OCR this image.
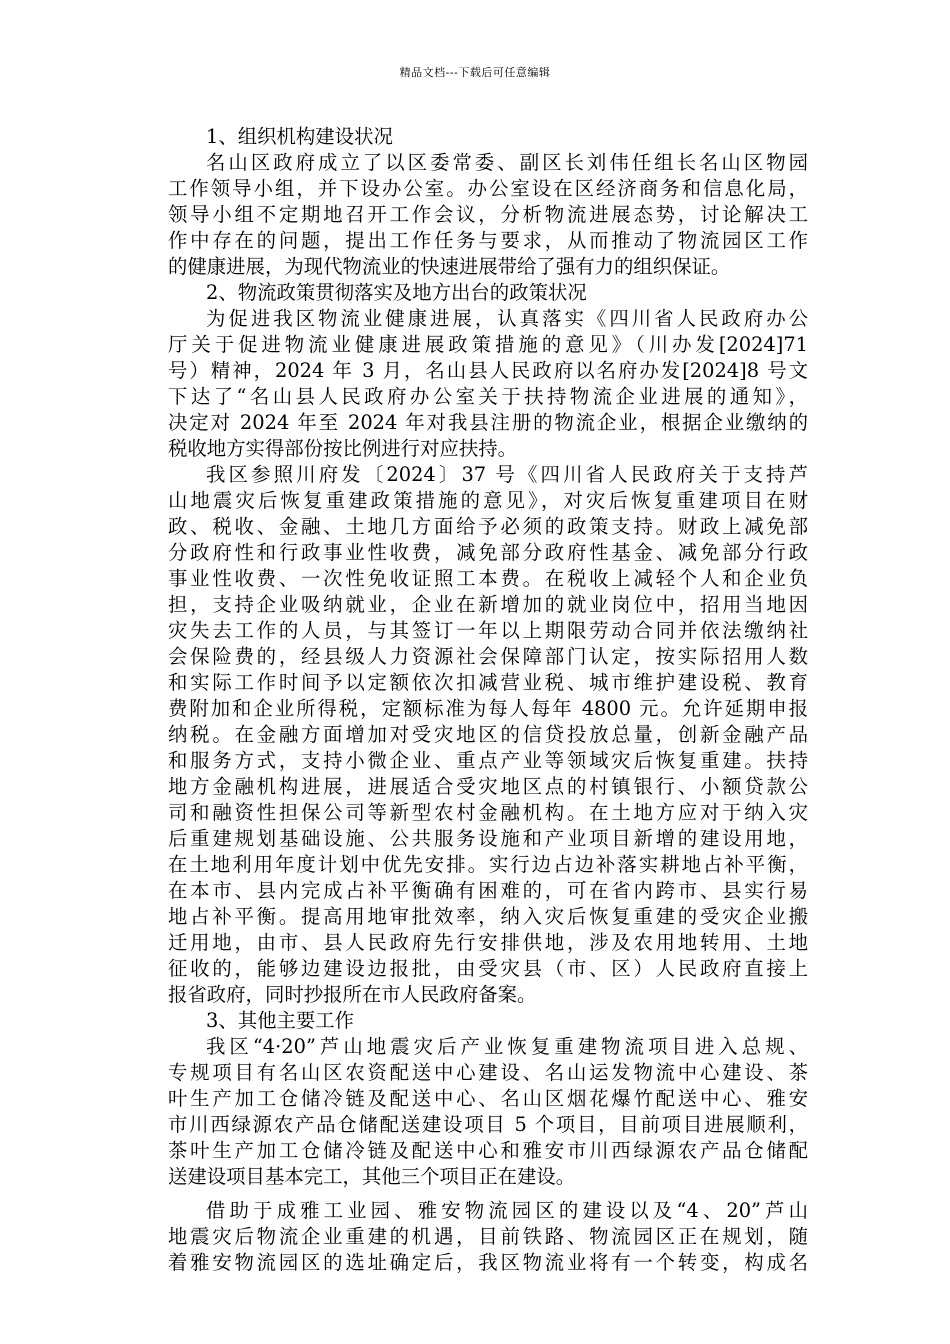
精品文档---下载后可任意编辑
1、组织机构建设状况
名山区政府成立了以区委常委、副区长刘伟任组长名山区物园
工作领导小组，并下设办公室。办公室设在区经济商务和信息化局，
领导小组不定期地召开工作会议，分析物流进展态势，讨论解决工
作中存在的问题，提出工作任务与要求，从而推动了物流园区工作
的健康进展，为现代物流业的快速进展带给了强有力的组织保证。
2、物流政策贯彻落实及地方出台的政策状况
为促进我区物流业健康进展，认真落实《四川省人民政府办公
厅关于促进物流业健康进展政策措施的意见》（川办发[2024]71
号）精神，2024 年 3 月，名山县人民政府以名府办发[2024]8 号文
下达了“名山县人民政府办公室关于扶持物流企业进展的通知》，
决定对 2024 年至 2024 年对我县注册的物流企业，根据企业缴纳的
税收地方实得部份按比例进行对应扶持。
我区参照川府发〔2024〕37 号《四川省人民政府关于支持芦
山地震灾后恢复重建政策措施的意见》，对灾后恢复重建项目在财
政、税收、金融、土地几方面给予必须的政策支持。财政上减免部
分政府性和行政事业性收费，减免部分政府性基金、减免部分行政
事业性收费、一次性免收证照工本费。在税收上减轻个人和企业负
担，支持企业吸纳就业，企业在新增加的就业岗位中，招用当地因
灾失去工作的人员，与其签订一年以上期限劳动合同并依法缴纳社
会保险费的，经县级人力资源社会保障部门认定，按实际招用人数
和实际工作时间予以定额依次扣减营业税、城市维护建设税、教育
费附加和企业所得税，定额标准为每人每年 4800 元。允许延期申报
纳税。在金融方面增加对受灾地区的信贷投放总量，创新金融产品
和服务方式，支持小微企业、重点产业等领域灾后恢复重建。扶持
地方金融机构进展，进展适合受灾地区点的村镇银行、小额贷款公
司和融资性担保公司等新型农村金融机构。在土地方应对于纳入灾
后重建规划基础设施、公共服务设施和产业项目新增的建设用地，
在土地利用年度计划中优先安排。实行边占边补落实耕地占补平衡，
在本市、县内完成占补平衡确有困难的，可在省内跨市、县实行易
地占补平衡。提高用地审批效率，纳入灾后恢复重建的受灾企业搬
迁用地，由市、县人民政府先行安排供地，涉及农用地转用、土地
征收的，能够边建设边报批，由受灾县（市、区）人民政府直接上
报省政府，同时抄报所在市人民政府备案。
3、其他主要工作
我区“4·20”芦山地震灾后产业恢复重建物流项目进入总规、
专规项目有名山区农资配送中心建设、名山运发物流中心建设、茶
叶生产加工仓储冷链及配送中心、名山区烟花爆竹配送中心、雅安
市川西绿源农产品仓储配送建设项目 5 个项目，目前项目进展顺利，
茶叶生产加工仓储冷链及配送中心和雅安市川西绿源农产品仓储配
送建设项目基本完工，其他三个项目正在建设。
借助于成雅工业园、雅安物流园区的建设以及“4、20”芦山
地震灾后物流企业重建的机遇，目前铁路、物流园区正在规划，随
着雅安物流园区的选址确定后，我区物流业将有一个转变，构成名
